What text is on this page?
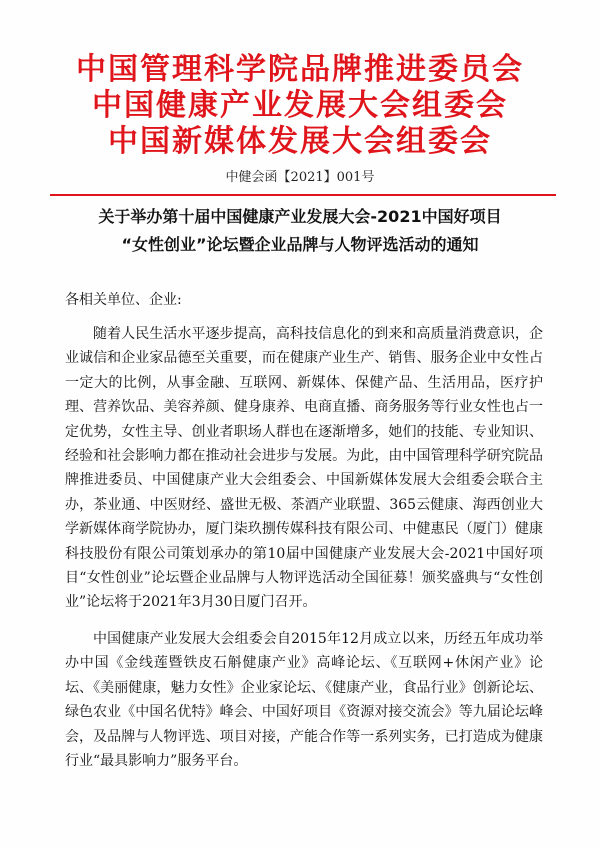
中国管理科学院品牌推进委员会
中国健康产业发展大会组委会
中国新媒体发展大会组委会
中健会函【2021】001号
关于举办第十届中国健康产业发展大会-2021中国好项目
“女性创业”论坛暨企业品牌与人物评选活动的通知
各相关单位、企业:

随着人民生活水平逐步提高，高科技信息化的到来和高质量消费意识，企业诚信和企业家品德至关重要，而在健康产业生产、销售、服务企业中女性占一定大的比例，从事金融、互联网、新媒体、保健产品、生活用品，医疗护理、营养饮品、美容养颜、健身康养、电商直播、商务服务等行业女性也占一定优势，女性主导、创业者职场人群也在逐渐增多，她们的技能、专业知识、经验和社会影响力都在推动社会进步与发展。为此，由中国管理科学研究院品牌推进委员、中国健康产业大会组委会、中国新媒体发展大会组委会联合主办，茶业通、中医财经、盛世无极、茶酒产业联盟、365云健康、海西创业大学新媒体商学院协办，厦门柒玖捌传媒科技有限公司、中健惠民（厦门）健康科技股份有限公司策划承办的第10届中国健康产业发展大会-2021中国好项目“女性创业”论坛暨企业品牌与人物评选活动全国征募！颁奖盛典与“女性创业”论坛将于2021年3月30日厦门召开。

中国健康产业发展大会组委会自2015年12月成立以来，历经五年成功举办中国《金线莲暨铁皮石斛健康产业》高峰论坛、《互联网+休闲产业》论坛、《美丽健康，魅力女性》企业家论坛、《健康产业，食品行业》创新论坛、绿色农业《中国名优特》峰会、中国好项目《资源对接交流会》等九届论坛峰会，及品牌与人物评选、项目对接，产能合作等一系列实务，已打造成为健康行业“最具影响力”服务平台。
